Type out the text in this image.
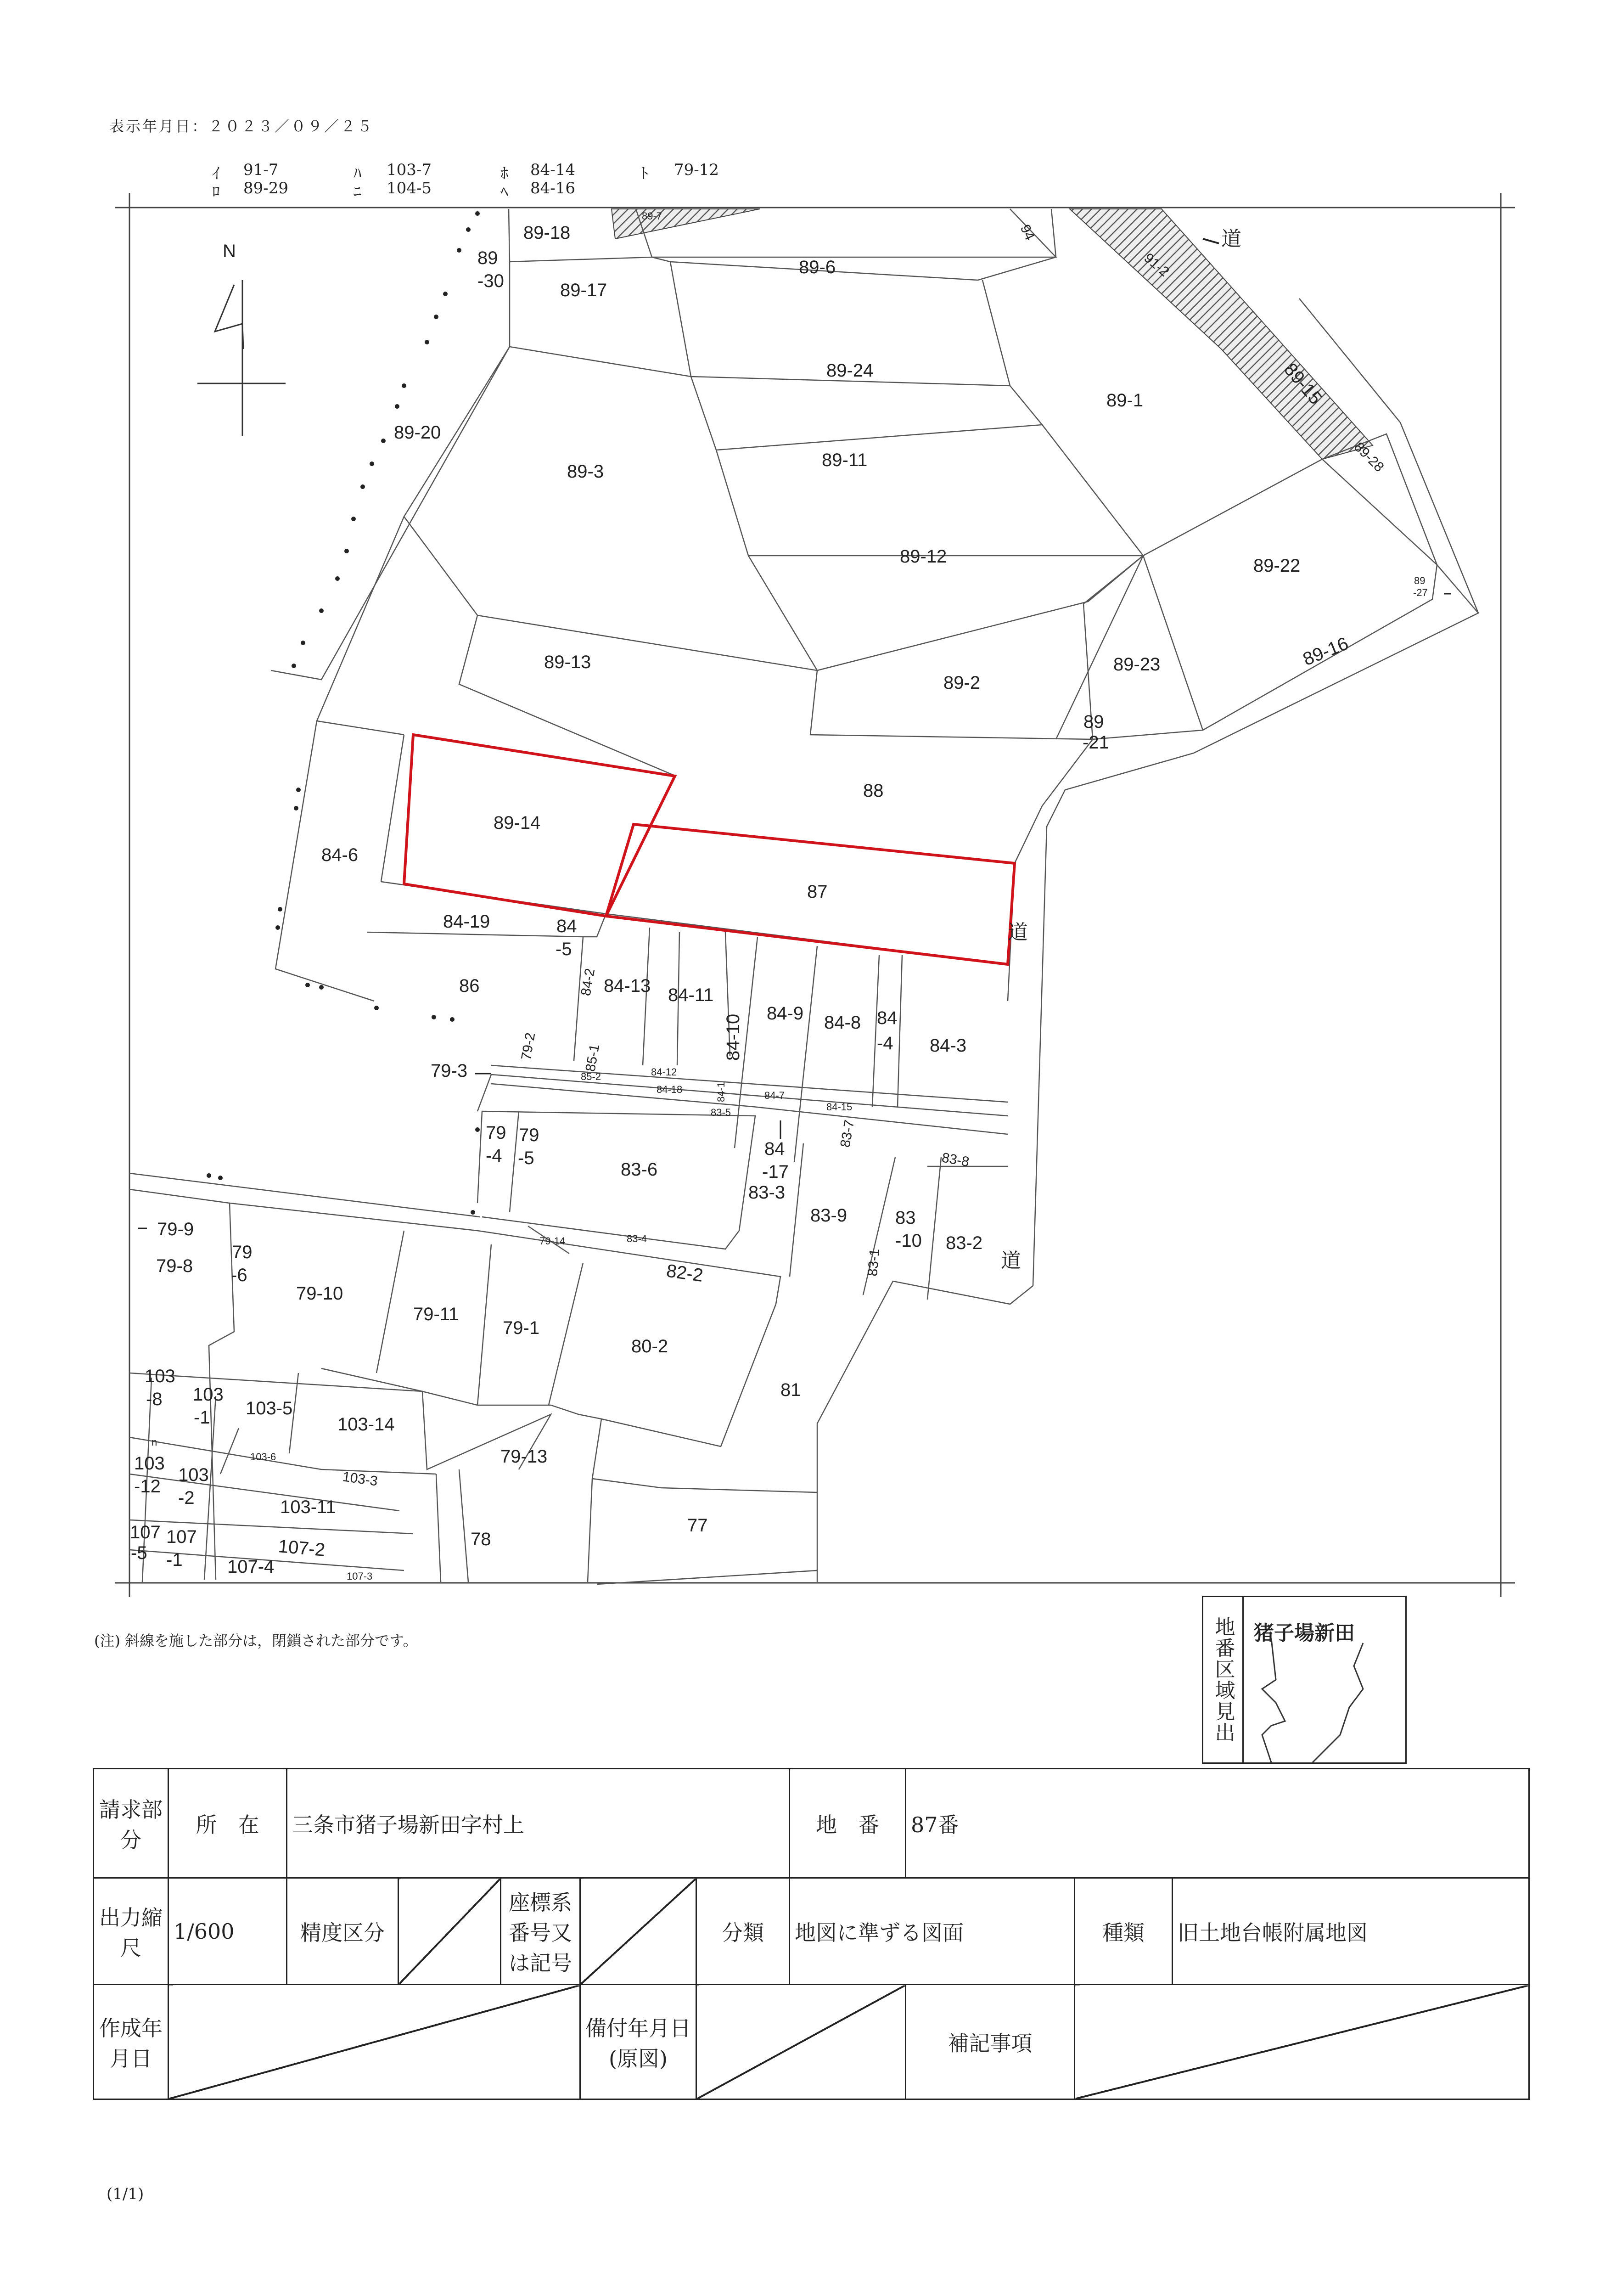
表示年月日：２０２３／０９／２５
ｲ 91-7
ﾛ 89-29
ﾊ 103-7
ﾆ 104-5
ﾎ 84-14
ﾍ 84-16
ﾄ 79-12
N
道
道
道
89-18
89-7
94
89-6
89
-30	89-17
91-2
89-24
89-1	89-15
89-20
89-3
89-11	89-28
89-12	89-22
89
-27
89-16
89-13
89-2
89-23
89
-21
88
89-14
84-6
87
84-19	84
-5
86	84-2 84-13 84-11
84-10
84-9 84-8 84
-4 84-3
79-3
79-2	85-1
85-2	84-12
84-18
83-5
84-7
84-15
84-1
79
-4
79
-5
83-6
84
-17
83-7
83-8
83-3
83-9
83-1
83
-10 83-2
79-9
79-8
79
-6
79-10
79-11
79-14	83-4
82-2
79-1
80-2
81
103
-8 103
-1 103-5
103-14
103
-12
103
-2
103-6
103-3
79-13
103-11
107
-5
107
-1	107-2
107-4	107-3
78
77
n
(注) 斜線を施した部分は，閉鎖された部分です。	地番区域見出 猪子場新田
請求部分	所　在	三条市猪子場新田字村上					地　番	87番		
出力縮尺	1/600	精度区分		座標系番号又は記号		分類	地図に準ずる図面		種類	旧土地台帳附属地図
作成年月日					備付年月日(原図)			補記事項		
(1/1)
